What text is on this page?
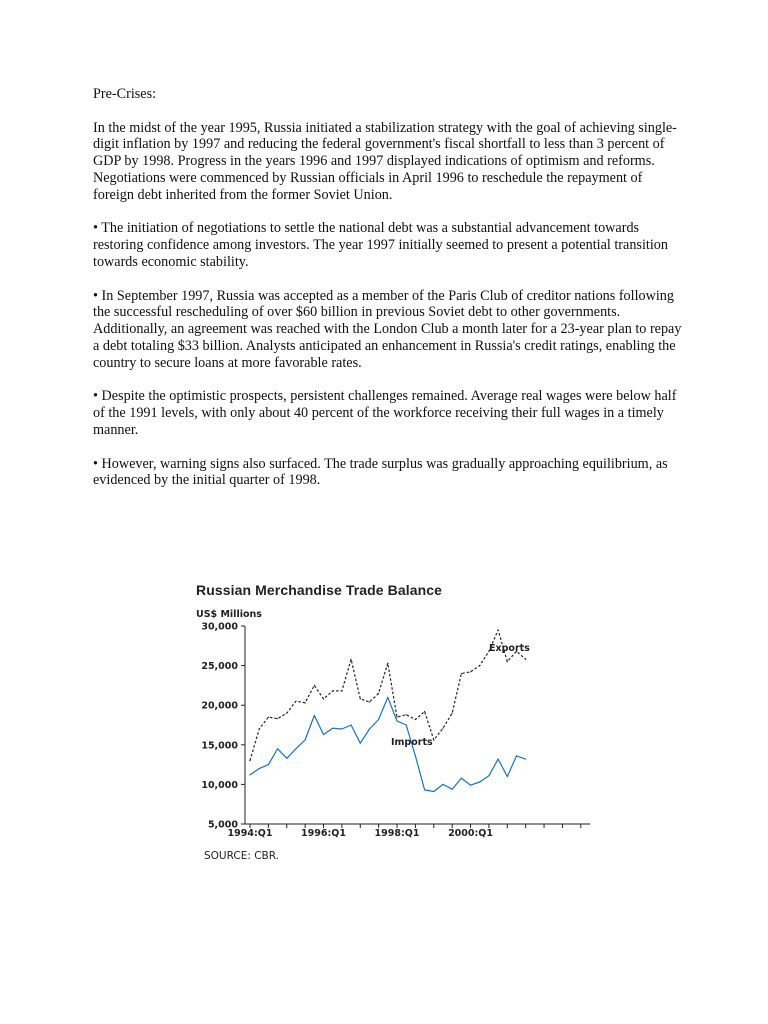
Pre-Crises:

In the midst of the year 1995, Russia initiated a stabilization strategy with the goal of achieving single-digit inflation by 1997 and reducing the federal government's fiscal shortfall to less than 3 percent of GDP by 1998. Progress in the years 1996 and 1997 displayed indications of optimism and reforms. Negotiations were commenced by Russian officials in April 1996 to reschedule the repayment of foreign debt inherited from the former Soviet Union.

• The initiation of negotiations to settle the national debt was a substantial advancement towards restoring confidence among investors. The year 1997 initially seemed to present a potential transition towards economic stability.

• In September 1997, Russia was accepted as a member of the Paris Club of creditor nations following the successful rescheduling of over $60 billion in previous Soviet debt to other governments. Additionally, an agreement was reached with the London Club a month later for a 23-year plan to repay a debt totaling $33 billion. Analysts anticipated an enhancement in Russia's credit ratings, enabling the country to secure loans at more favorable rates.

• Despite the optimistic prospects, persistent challenges remained. Average real wages were below half of the 1991 levels, with only about 40 percent of the workforce receiving their full wages in a timely manner.

• However, warning signs also surfaced. The trade surplus was gradually approaching equilibrium, as evidenced by the initial quarter of 1998.

Russian Merchandise Trade Balance
US$ Millions
5,000
10,000
15,000
20,000
25,000
30,000
1994:Q1	1996:Q1	1998:Q1	2000:Q1
Exports
Imports
SOURCE: CBR.
